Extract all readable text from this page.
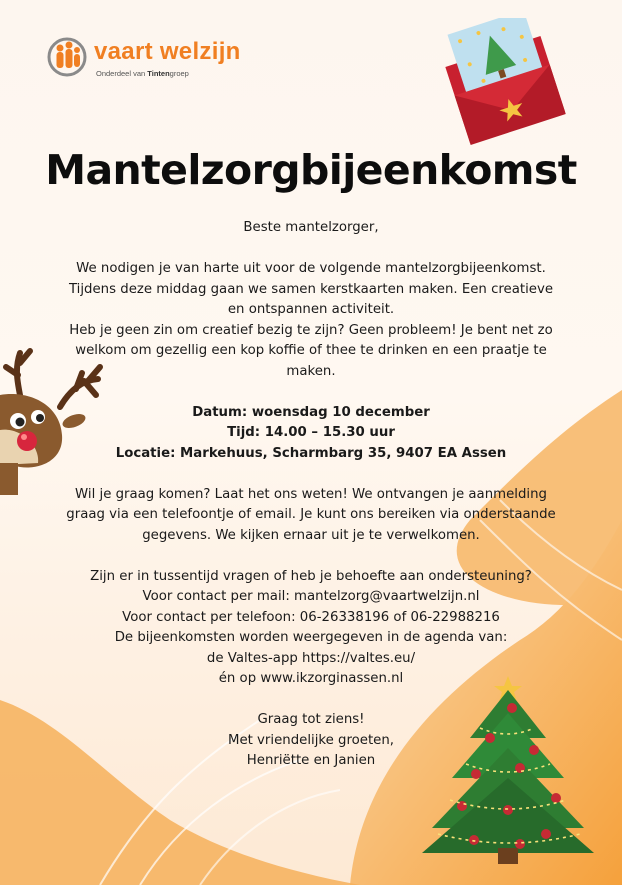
vaart welzijn

Onderdeel van Tintengroep
Mantelzorgbijeenkomst

Beste mantelzorger,

We nodigen je van harte uit voor de volgende mantelzorgbijeenkomst.

Tijdens deze middag gaan we samen kerstkaarten maken. Een creatieve

en ontspannen activiteit.

Heb je geen zin om creatief bezig te zijn? Geen probleem! Je bent net zo

welkom om gezellig een kop koffie of thee te drinken en een praatje te

maken.

Datum: woensdag 10 december

Tijd: 14.00 – 15.30 uur

Locatie: Markehuus, Scharmbarg 35, 9407 EA Assen

Wil je graag komen? Laat het ons weten! We ontvangen je aanmelding

graag via een telefoontje of email. Je kunt ons bereiken via onderstaande

gegevens. We kijken ernaar uit je te verwelkomen.

Zijn er in tussentijd vragen of heb je behoefte aan ondersteuning?

Voor contact per mail: mantelzorg@vaartwelzijn.nl

Voor contact per telefoon: 06-26338196 of 06-22988216

De bijeenkomsten worden weergegeven in de agenda van:

de Valtes-app https://valtes.eu/

én op www.ikzorginassen.nl

Graag tot ziens!

Met vriendelijke groeten,

Henriëtte en Janien
